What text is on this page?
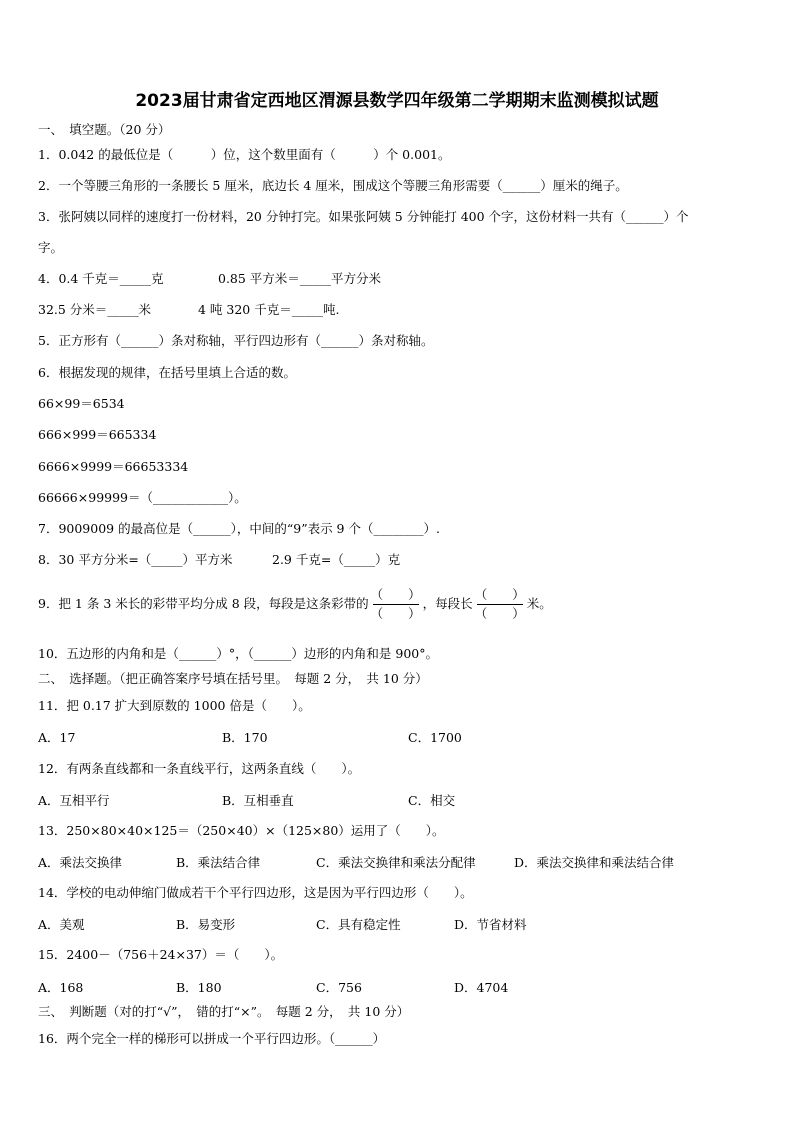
2023届甘肃省定西地区渭源县数学四年级第二学期期末监测模拟试题
一、　填空题。（20 分）
1．0.042 的最低位是（　　　）位，这个数里面有（　　　）个 0.001。
2．一个等腰三角形的一条腰长 5 厘米，底边长 4 厘米，围成这个等腰三角形需要（______）厘米的绳子。
3．张阿姨以同样的速度打一份材料，20 分钟打完。如果张阿姨 5 分钟能打 400 个字，这份材料一共有（______）个
字。
4．0.4 千克＝_____克	0.85 平方米＝_____平方分米
32.5 分米＝_____米	4 吨 320 千克＝_____吨.
5．正方形有（______）条对称轴，平行四边形有（______）条对称轴。
6．根据发现的规律，在括号里填上合适的数。
66×99＝6534
666×999＝665334
6666×9999＝66653334
66666×99999＝（____________）。
7．9009009 的最高位是（______），中间的“9”表示 9 个（________）.
8．30 平方分米=（_____）平方米	2.9 千克=（_____）克
9．把 1 条 3 米长的彩带平均分成 8 段，每段是这条彩带的 $\frac{( )}{( )}$ ，每段长 $\frac{( )}{( )}$ 米。
10．五边形的内角和是（______）°，（______）边形的内角和是 900°。
二、　选择题。（把正确答案序号填在括号里。　每题 2 分，　共 10 分）
11．把 0.17 扩大到原数的 1000 倍是（　　）。
A．17	B．170	C．1700
12．有两条直线都和一条直线平行，这两条直线（　　）。
A．互相平行	B．互相垂直	C．相交
13．250×80×40×125＝（250×40）×（125×80）运用了（　　）。
A．乘法交换律	B．乘法结合律	C．乘法交换律和乘法分配律	D．乘法交换律和乘法结合律
14．学校的电动伸缩门做成若干个平行四边形，这是因为平行四边形（　　）。
A．美观	B．易变形	C．具有稳定性	D．节省材料
15．2400－（756＋24×37）＝（　　）。
A．168	B．180	C．756	D．4704
三、　判断题（对的打“√”，　错的打“×”。　每题 2 分，　共 10 分）
16．两个完全一样的梯形可以拼成一个平行四边形。（______）
